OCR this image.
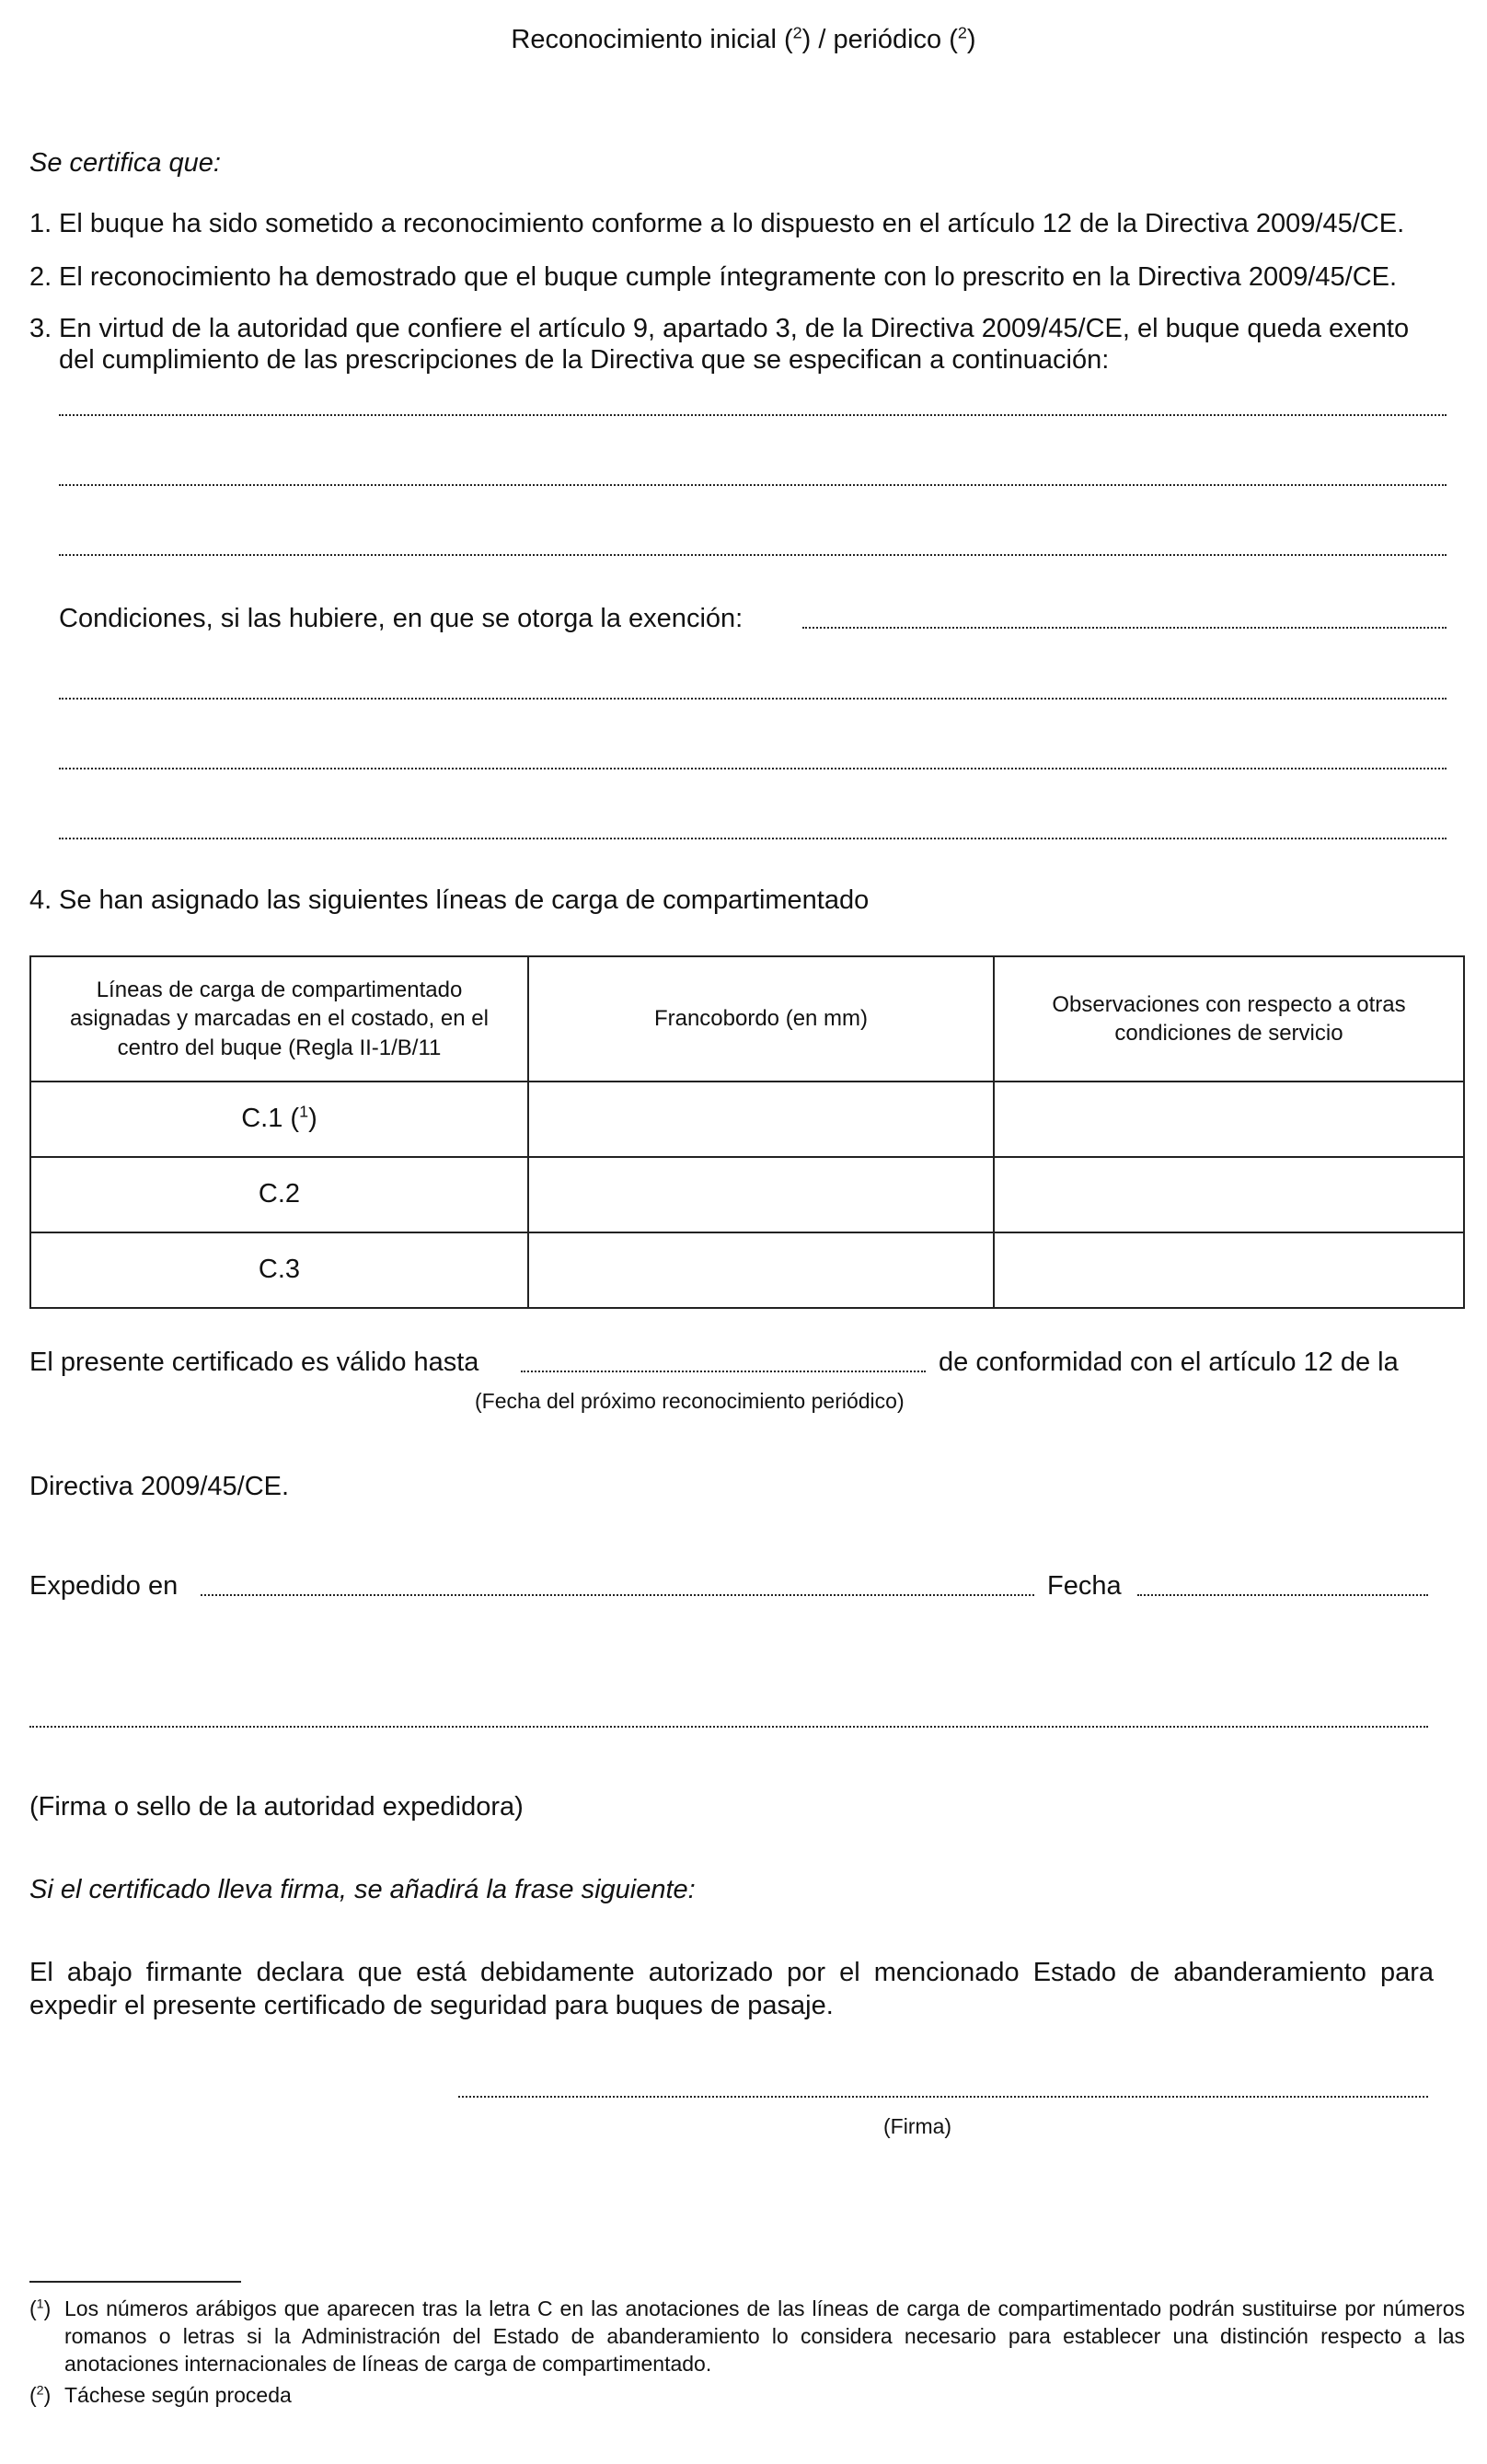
Reconocimiento inicial ($^2$) / periódico ($^2$)
Se certifica que:
1. El buque ha sido sometido a reconocimiento conforme a lo dispuesto en el artículo 12 de la Directiva 2009/45/CE.
2. El reconocimiento ha demostrado que el buque cumple íntegramente con lo prescrito en la Directiva 2009/45/CE.
3. En virtud de la autoridad que confiere el artículo 9, apartado 3, de la Directiva 2009/45/CE, el buque queda exento
del cumplimiento de las prescripciones de la Directiva que se especifican a continuación:
Condiciones, si las hubiere, en que se otorga la exención:
4. Se han asignado las siguientes líneas de carga de compartimentado
Líneas de carga de compartimentado asignadas y marcadas en el costado, en el centro del buque (Regla II-1/B/11	Francobordo (en mm)	Observaciones con respecto a otras condiciones de servicio
C.1 ($^1$)		
C.2		
C.3		
El presente certificado es válido hasta	de conformidad con el artículo 12 de la
(Fecha del próximo reconocimiento periódico)
Directiva 2009/45/CE.
Expedido en	Fecha
(Firma o sello de la autoridad expedidora)
Si el certificado lleva firma, se añadirá la frase siguiente:
El abajo firmante declara que está debidamente autorizado por el mencionado Estado de abanderamiento para
expedir el presente certificado de seguridad para buques de pasaje.
(Firma)
($^1$) Los números arábigos que aparecen tras la letra C en las anotaciones de las líneas de carga de compartimentado podrán sustituirse por números romanos o letras si la Administración del Estado de abanderamiento lo considera necesario para establecer una distinción respecto a las anotaciones internacionales de líneas de carga de compartimentado.
($^2$) Táchese según proceda
